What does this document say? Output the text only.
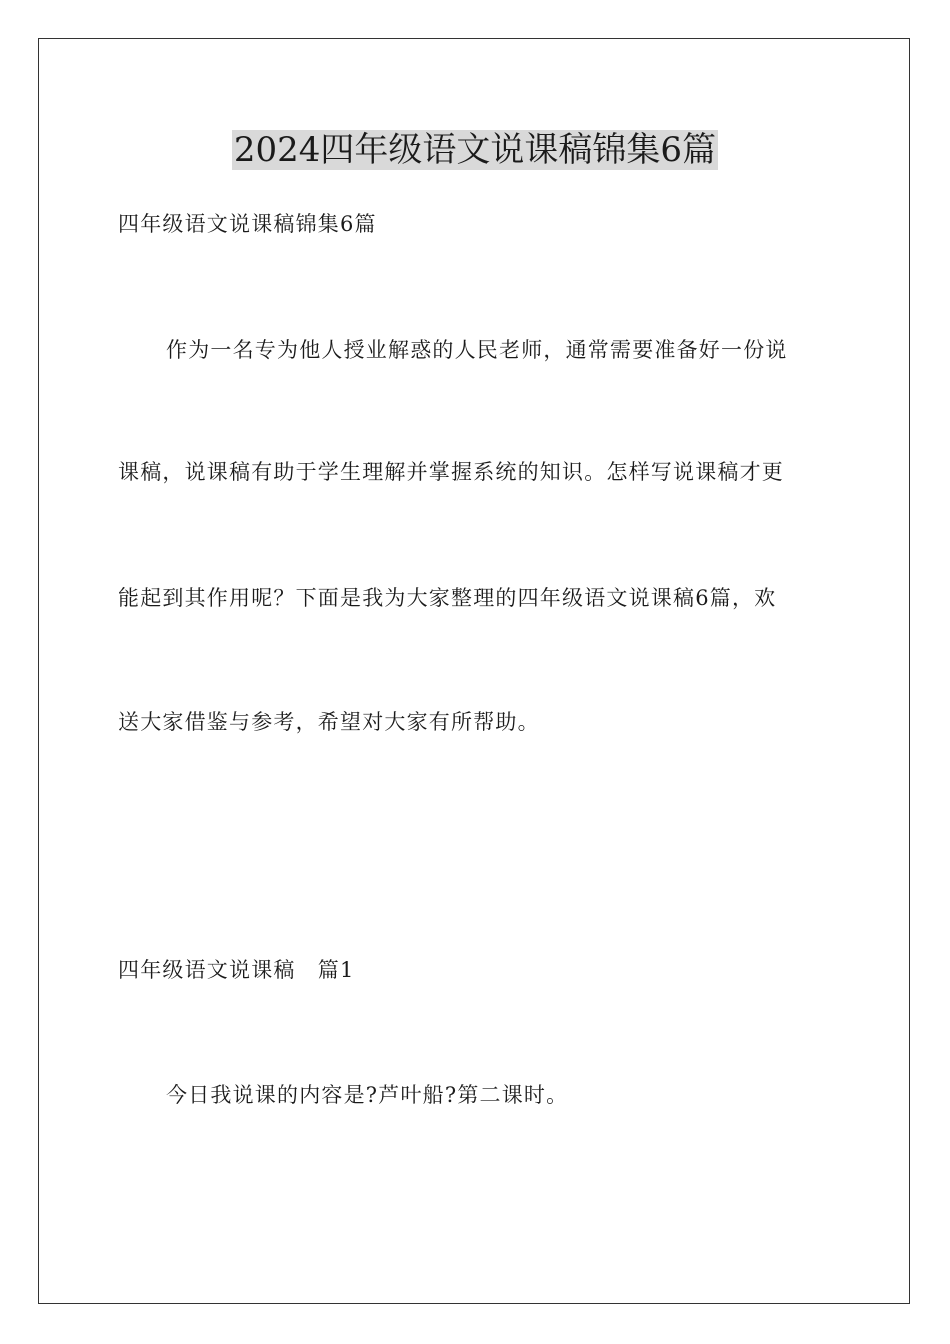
2024四年级语文说课稿锦集6篇

四年级语文说课稿锦集6篇

作为一名专为他人授业解惑的人民老师，通常需要准备好一份说

课稿，说课稿有助于学生理解并掌握系统的知识。怎样写说课稿才更

能起到其作用呢？下面是我为大家整理的四年级语文说课稿6篇，欢

送大家借鉴与参考，希望对大家有所帮助。

四年级语文说课稿　篇1

今日我说课的内容是?芦叶船?第二课时。
